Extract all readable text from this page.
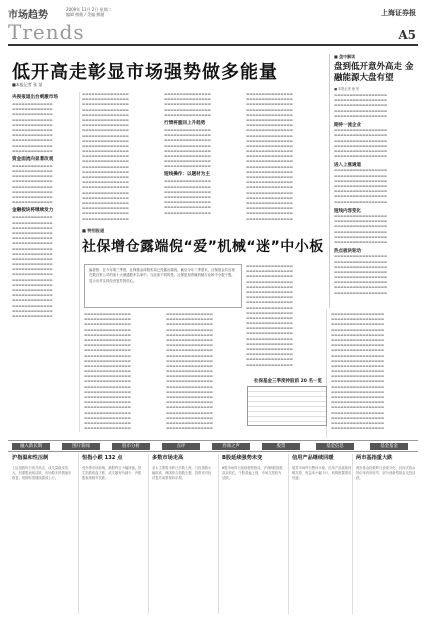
市场趋势
Trends
2009年 11月 2日 星期二
编辑 熊健 / 美编 熊健	上海证券报
A5
低开高走彰显市场强势做多能量
■本报记者 张 某
央视报道出台刺激市场
▬▬▬▬▬▬▬▬▬▬▬▬▬
▬▬▬▬▬▬▬▬▬▬▬▬▬
▬▬▬▬▬▬▬▬▬▬▬▬▬
▬▬▬▬▬▬▬▬▬▬▬▬▬
▬▬▬▬▬▬▬▬▬▬▬▬▬
▬▬▬▬▬▬▬▬▬▬▬▬▬
▬▬▬▬▬▬▬▬▬▬▬▬▬
▬▬▬▬▬▬▬▬▬▬▬▬▬
▬▬▬▬▬▬▬▬▬▬▬▬▬
▬▬▬▬▬▬▬▬▬▬▬▬▬
资金面流向显著改观
▬▬▬▬▬▬▬▬▬▬▬▬▬
▬▬▬▬▬▬▬▬▬▬▬▬▬
▬▬▬▬▬▬▬▬▬▬▬▬▬
▬▬▬▬▬▬▬▬▬▬▬▬▬
▬▬▬▬▬▬▬▬▬▬▬▬▬
▬▬▬▬▬▬▬▬▬▬▬▬▬
▬▬▬▬▬▬▬▬▬▬▬▬▬
▬▬▬▬▬▬▬▬▬▬▬▬▬
金融板块将继续发力
▬▬▬▬▬▬▬▬▬▬▬▬▬
▬▬▬▬▬▬▬▬▬▬▬▬▬
▬▬▬▬▬▬▬▬▬▬▬▬▬
▬▬▬▬▬▬▬▬▬▬▬▬▬
▬▬▬▬▬▬▬▬▬▬▬▬▬
▬▬▬▬▬▬▬▬▬▬▬▬▬
▬▬▬▬▬▬▬▬▬▬▬▬▬
▬▬▬▬▬▬▬▬▬▬▬▬▬
▬▬▬▬▬▬▬▬▬▬▬▬▬
▬▬▬▬▬▬▬▬▬▬▬▬▬
▬▬▬▬▬▬▬▬▬▬▬▬▬
▬▬▬▬▬▬▬▬▬▬▬▬▬
▬▬▬▬▬▬▬▬▬▬▬▬▬
▬▬▬▬▬▬▬▬▬▬▬▬▬
▬▬▬▬▬▬▬▬▬▬▬▬▬
▬▬▬▬▬▬▬▬▬▬▬▬▬
▬▬▬▬▬▬▬▬▬▬▬▬▬
▬▬▬▬▬▬▬▬▬▬▬▬▬
▬▬▬▬▬▬▬▬▬▬▬▬▬
▬▬▬▬▬▬▬▬▬▬▬▬▬
▬▬▬▬▬▬▬▬▬▬▬▬▬▬▬
▬▬▬▬▬▬▬▬▬▬▬▬▬▬▬
▬▬▬▬▬▬▬▬▬▬▬▬▬▬▬
▬▬▬▬▬▬▬▬▬▬▬▬▬▬▬
▬▬▬▬▬▬▬▬▬▬▬▬▬▬▬
▬▬▬▬▬▬▬▬▬▬▬▬▬▬▬
▬▬▬▬▬▬▬▬▬▬▬▬▬▬▬
▬▬▬▬▬▬▬▬▬▬▬▬▬▬▬
▬▬▬▬▬▬▬▬▬▬▬▬▬▬▬
▬▬▬▬▬▬▬▬▬▬▬▬▬▬▬
▬▬▬▬▬▬▬▬▬▬▬▬▬▬▬
▬▬▬▬▬▬▬▬▬▬▬▬▬▬▬
▬▬▬▬▬▬▬▬▬▬▬▬▬▬▬
▬▬▬▬▬▬▬▬▬▬▬▬▬▬▬
▬▬▬▬▬▬▬▬▬▬▬▬▬▬▬
▬▬▬▬▬▬▬▬▬▬▬▬▬▬▬
▬▬▬▬▬▬▬▬▬▬▬▬▬▬▬
▬▬▬▬▬▬▬▬▬▬▬▬▬▬▬
▬▬▬▬▬▬▬▬▬▬▬▬▬▬▬
▬▬▬▬▬▬▬▬▬▬▬▬▬▬▬
▬▬▬▬▬▬▬▬▬▬▬▬▬▬▬
▬▬▬▬▬▬▬▬▬▬▬▬▬▬▬
▬▬▬▬▬▬▬▬▬▬▬▬▬▬▬
▬▬▬▬▬▬▬▬▬▬▬▬▬▬▬
▬▬▬▬▬▬▬▬▬▬▬▬▬▬▬
▬▬▬▬▬▬▬▬▬▬▬▬▬▬▬
▬▬▬▬▬▬▬▬▬▬▬▬▬▬▬
▬▬▬▬▬▬▬▬▬▬▬▬▬▬▬
▬▬▬▬▬▬▬▬▬▬▬▬▬▬▬
▬▬▬▬▬▬▬▬▬▬▬▬▬▬▬
行情将重回上升趋势
▬▬▬▬▬▬▬▬▬▬▬▬▬▬▬
▬▬▬▬▬▬▬▬▬▬▬▬▬▬▬
▬▬▬▬▬▬▬▬▬▬▬▬▬▬▬
▬▬▬▬▬▬▬▬▬▬▬▬▬▬▬
▬▬▬▬▬▬▬▬▬▬▬▬▬▬▬
▬▬▬▬▬▬▬▬▬▬▬▬▬▬▬
▬▬▬▬▬▬▬▬▬▬▬▬▬▬▬
▬▬▬▬▬▬▬▬▬▬▬▬▬▬▬
短线操作：以题材为主
▬▬▬▬▬▬▬▬▬▬▬▬▬▬▬
▬▬▬▬▬▬▬▬▬▬▬▬▬▬▬
▬▬▬▬▬▬▬▬▬▬▬▬▬▬▬
▬▬▬▬▬▬▬▬▬▬▬▬▬▬▬
▬▬▬▬▬▬▬▬▬▬▬▬▬▬▬
▬▬▬▬▬▬▬▬▬▬▬▬▬▬▬
▬▬▬▬▬▬▬▬▬▬▬▬▬▬▬
▬▬▬▬▬▬▬▬▬▬▬▬▬▬▬
▬▬▬▬▬▬▬▬▬▬▬▬▬▬▬
▬▬▬▬▬▬▬▬▬▬▬▬▬▬▬
▬▬▬▬▬▬▬▬▬▬▬▬▬▬▬
▬▬▬▬▬▬▬▬▬▬▬▬▬▬▬
▬▬▬▬▬▬▬▬▬▬▬▬▬▬▬
▬▬▬▬▬▬▬▬▬▬▬▬▬▬▬
▬▬▬▬▬▬▬▬▬▬▬▬▬▬▬
▬▬▬▬▬▬▬▬▬▬▬▬▬▬▬
▬▬▬▬▬▬▬▬▬▬▬▬▬▬▬
▬▬▬▬▬▬▬▬▬▬▬▬▬▬▬
▬▬▬▬▬▬▬▬▬▬▬▬▬▬▬
▬▬▬▬▬▬▬▬▬▬▬▬▬▬▬
▬▬▬▬▬▬▬▬▬▬▬▬▬▬▬
▬▬▬▬▬▬▬▬▬▬▬▬▬▬▬
▬▬▬▬▬▬▬▬▬▬▬▬▬▬▬
▬▬▬▬▬▬▬▬▬▬▬▬▬▬▬
▬▬▬▬▬▬▬▬▬▬▬▬▬▬▬
▬▬▬▬▬▬▬▬▬▬▬▬▬▬▬
▬▬▬▬▬▬▬▬▬▬▬▬▬▬▬
▬▬▬▬▬▬▬▬▬▬▬▬▬▬▬
▬▬▬▬▬▬▬▬▬▬▬▬▬▬▬
▬▬▬▬▬▬▬▬▬▬▬▬▬▬▬
▬▬▬▬▬▬▬▬▬▬▬▬▬▬▬
▬▬▬▬▬▬▬▬▬▬▬▬▬▬▬
■ 盘中解读
盘到低开意外高走 金融能源大盘有望
■ 本报记者 徐 彤
▬▬▬▬▬▬▬▬▬▬▬▬▬▬▬▬▬
▬▬▬▬▬▬▬▬▬▬▬▬▬▬▬▬▬
▬▬▬▬▬▬▬▬▬▬▬▬▬▬▬▬▬
▬▬▬▬▬▬▬▬▬▬▬▬▬▬▬▬▬
▬▬▬▬▬▬▬▬▬▬▬▬▬▬▬▬▬
期待一流企业
▬▬▬▬▬▬▬▬▬▬▬▬▬▬▬▬▬
▬▬▬▬▬▬▬▬▬▬▬▬▬▬▬▬▬
▬▬▬▬▬▬▬▬▬▬▬▬▬▬▬▬▬
▬▬▬▬▬▬▬▬▬▬▬▬▬▬▬▬▬
▬▬▬▬▬▬▬▬▬▬▬▬▬▬▬▬▬
▬▬▬▬▬▬▬▬▬▬▬▬▬▬▬▬▬
进入上涨通道
▬▬▬▬▬▬▬▬▬▬▬▬▬▬▬▬▬
▬▬▬▬▬▬▬▬▬▬▬▬▬▬▬▬▬
▬▬▬▬▬▬▬▬▬▬▬▬▬▬▬▬▬
▬▬▬▬▬▬▬▬▬▬▬▬▬▬▬▬▬
▬▬▬▬▬▬▬▬▬▬▬▬▬▬▬▬▬
▬▬▬▬▬▬▬▬▬▬▬▬▬▬▬▬▬
▬▬▬▬▬▬▬▬▬▬▬▬▬▬▬▬▬
短线内容变化
▬▬▬▬▬▬▬▬▬▬▬▬▬▬▬▬▬
▬▬▬▬▬▬▬▬▬▬▬▬▬▬▬▬▬
▬▬▬▬▬▬▬▬▬▬▬▬▬▬▬▬▬
▬▬▬▬▬▬▬▬▬▬▬▬▬▬▬▬▬
▬▬▬▬▬▬▬▬▬▬▬▬▬▬▬▬▬
▬▬▬▬▬▬▬▬▬▬▬▬▬▬▬▬▬
热点板块轮动
▬▬▬▬▬▬▬▬▬▬▬▬▬▬▬▬▬
▬▬▬▬▬▬▬▬▬▬▬▬▬▬▬▬▬
▬▬▬▬▬▬▬▬▬▬▬▬▬▬▬▬▬
▬▬▬▬▬▬▬▬▬▬▬▬▬▬▬▬▬
▬▬▬▬▬▬▬▬▬▬▬▬▬▬▬▬▬
▬▬▬▬▬▬▬▬▬▬▬▬▬▬▬▬▬
▬▬▬▬▬▬▬▬▬▬▬▬▬▬▬▬▬
▬▬▬▬▬▬▬▬▬▬▬▬▬▬▬▬▬
▬▬▬▬▬▬▬▬▬▬▬▬▬▬▬▬▬
▬▬▬▬▬▬▬▬▬▬▬▬▬▬▬▬▬
▬▬▬▬▬▬▬▬▬▬▬▬▬▬▬▬▬
▬▬▬▬▬▬▬▬▬▬▬▬▬▬▬▬▬
▬▬▬▬▬▬▬▬▬▬▬▬▬▬▬▬▬
▬▬▬▬▬▬▬▬▬▬▬▬▬▬▬▬▬
▬▬▬▬▬▬▬▬▬▬▬▬▬▬▬▬▬
▬▬▬▬▬▬▬▬▬▬▬▬▬▬▬▬▬
▬▬▬▬▬▬▬▬▬▬▬▬▬▬▬▬▬
▬▬▬▬▬▬▬▬▬▬▬▬▬▬▬▬▬
▬▬▬▬▬▬▬▬▬▬▬▬▬▬▬▬▬
▬▬▬▬▬▬▬▬▬▬▬▬▬▬▬▬▬
▬▬▬▬▬▬▬▬▬▬▬▬▬▬▬▬▬
▬▬▬▬▬▬▬▬▬▬▬▬▬▬▬▬▬
▬▬▬▬▬▬▬▬▬▬▬▬▬▬▬▬▬
▬▬▬▬▬▬▬▬▬▬▬▬▬▬▬▬▬
▬▬▬▬▬▬▬▬▬▬▬▬▬▬▬▬▬
▬▬▬▬▬▬▬▬▬▬▬▬▬▬▬▬▬
▬▬▬▬▬▬▬▬▬▬▬▬▬▬▬▬▬
▬▬▬▬▬▬▬▬▬▬▬▬▬▬▬▬▬
▬▬▬▬▬▬▬▬▬▬▬▬▬▬▬▬▬
▬▬▬▬▬▬▬▬▬▬▬▬▬▬▬▬▬
▬▬▬▬▬▬▬▬▬▬▬▬▬▬▬▬▬
■ 特别报道
社保增仓露端倪“爱”机械“迷”中小板
编者按：在今年第三季度，社保基金持股布局已经露出端倪。截至今年三季度末，社保基金共出现在数百家公司的前十大流通股东名单中。与此前不同的是，社保更加青睐机械行业和中小板个股，显示出对实体经济复苏的信心。
▬▬▬▬▬▬▬▬▬▬▬▬▬▬▬
▬▬▬▬▬▬▬▬▬▬▬▬▬▬▬
▬▬▬▬▬▬▬▬▬▬▬▬▬▬▬
▬▬▬▬▬▬▬▬▬▬▬▬▬▬▬
▬▬▬▬▬▬▬▬▬▬▬▬▬▬▬
▬▬▬▬▬▬▬▬▬▬▬▬▬▬▬
▬▬▬▬▬▬▬▬▬▬▬▬▬▬▬
▬▬▬▬▬▬▬▬▬▬▬▬▬▬▬
▬▬▬▬▬▬▬▬▬▬▬▬▬▬▬
▬▬▬▬▬▬▬▬▬▬▬▬▬▬▬
▬▬▬▬▬▬▬▬▬▬▬▬▬▬▬
▬▬▬▬▬▬▬▬▬▬▬▬▬▬▬
▬▬▬▬▬▬▬▬▬▬▬▬▬▬▬
▬▬▬▬▬▬▬▬▬▬▬▬▬▬▬
▬▬▬▬▬▬▬▬▬▬▬▬▬▬▬
▬▬▬▬▬▬▬▬▬▬▬▬▬▬▬
▬▬▬▬▬▬▬▬▬▬▬▬▬▬▬
▬▬▬▬▬▬▬▬▬▬▬▬▬▬▬
▬▬▬▬▬▬▬▬▬▬▬▬▬▬▬
▬▬▬▬▬▬▬▬▬▬▬▬▬▬▬
▬▬▬▬▬▬▬▬▬▬▬▬▬▬▬
▬▬▬▬▬▬▬▬▬▬▬▬▬▬▬
▬▬▬▬▬▬▬▬▬▬▬▬▬▬▬
▬▬▬▬▬▬▬▬▬▬▬▬▬▬▬
▬▬▬▬▬▬▬▬▬▬▬▬▬▬▬
▬▬▬▬▬▬▬▬▬▬▬▬▬▬▬
▬▬▬▬▬▬▬▬▬▬▬▬▬▬▬
▬▬▬▬▬▬▬▬▬▬▬▬▬▬▬
▬▬▬▬▬▬▬▬▬▬▬▬▬▬▬
▬▬▬▬▬▬▬▬▬▬▬▬▬▬▬
▬▬▬▬▬▬▬▬▬▬▬▬▬▬▬
▬▬▬▬▬▬▬▬▬▬▬▬▬▬▬
▬▬▬▬▬▬▬▬▬▬▬▬▬▬▬
▬▬▬▬▬▬▬▬▬▬▬▬▬▬▬
▬▬▬▬▬▬▬▬▬▬▬▬▬▬▬
▬▬▬▬▬▬▬▬▬▬▬▬▬▬▬
▬▬▬▬▬▬▬▬▬▬▬▬▬▬▬
▬▬▬▬▬▬▬▬▬▬▬▬▬▬▬
▬▬▬▬▬▬▬▬▬▬▬▬▬▬▬
▬▬▬▬▬▬▬▬▬▬▬▬▬▬▬
▬▬▬▬▬▬▬▬▬▬▬▬▬▬▬
▬▬▬▬▬▬▬▬▬▬▬▬▬▬▬
▬▬▬▬▬▬▬▬▬▬▬▬▬▬▬
▬▬▬▬▬▬▬▬▬▬▬▬▬▬▬
▬▬▬▬▬▬▬▬▬▬▬▬▬▬▬
▬▬▬▬▬▬▬▬▬▬▬▬▬▬▬
▬▬▬▬▬▬▬▬▬▬▬▬▬▬▬
▬▬▬▬▬▬▬▬▬▬▬▬▬▬▬
▬▬▬▬▬▬▬▬▬▬▬▬▬▬▬
▬▬▬▬▬▬▬▬▬▬▬▬▬▬▬
▬▬▬▬▬▬▬▬▬▬▬▬▬▬▬
▬▬▬▬▬▬▬▬▬▬▬▬▬▬▬
▬▬▬▬▬▬▬▬▬▬▬▬▬▬▬
▬▬▬▬▬▬▬▬▬▬▬▬▬▬▬
▬▬▬▬▬▬▬▬▬▬▬▬▬▬▬
▬▬▬▬▬▬▬▬▬▬▬▬▬▬▬
▬▬▬▬▬▬▬▬▬▬▬▬▬▬▬
▬▬▬▬▬▬▬▬▬▬▬▬▬▬▬
▬▬▬▬▬▬▬▬▬▬▬▬▬▬▬
▬▬▬▬▬▬▬▬▬▬▬▬▬▬▬
▬▬▬▬▬▬▬▬▬▬▬▬▬▬▬
▬▬▬▬▬▬▬▬▬▬▬▬▬▬▬
▬▬▬▬▬▬▬▬▬▬▬▬▬▬▬
▬▬▬▬▬▬▬▬▬▬▬▬▬▬▬
▬▬▬▬▬▬▬▬▬▬▬▬▬▬▬
▬▬▬▬▬▬▬▬▬▬▬▬▬▬▬
社保基金三季度持股前 20 名一览
融入新长期	图片新闻	股市分析	点评	券商之声	股票	基金信息	基金基金
沪指温和性压制
上证指数昨日低开高走，成交量稳步放大，权重股表现活跃，市场做多热情逐步恢复，短期有望继续震荡上行。
恒指小跌 132 点
受外围市场影响，港股昨日小幅回落，恒生指数收盘下跌，成交额有所减少，内银股表现相对抗跌。
多数市场走高
亚太主要股市昨日多数上涨，日经指数小幅收高，韩国综合指数走强，投资者对经济复苏前景保持乐观。
B股延续强势未变
B股市场昨日延续强势格局，沪深B股指数双双收红，个股普遍上涨，市场交投较为活跃。
信用产品继续回暖
债券市场昨日整体平稳，信用产品延续回暖态势，收益率小幅下行，机构配置需求旺盛。
两市基指重大跌
两市基金指数昨日表现分化，封闭式基金折价率有所收窄，部分创新型基金交投活跃。
